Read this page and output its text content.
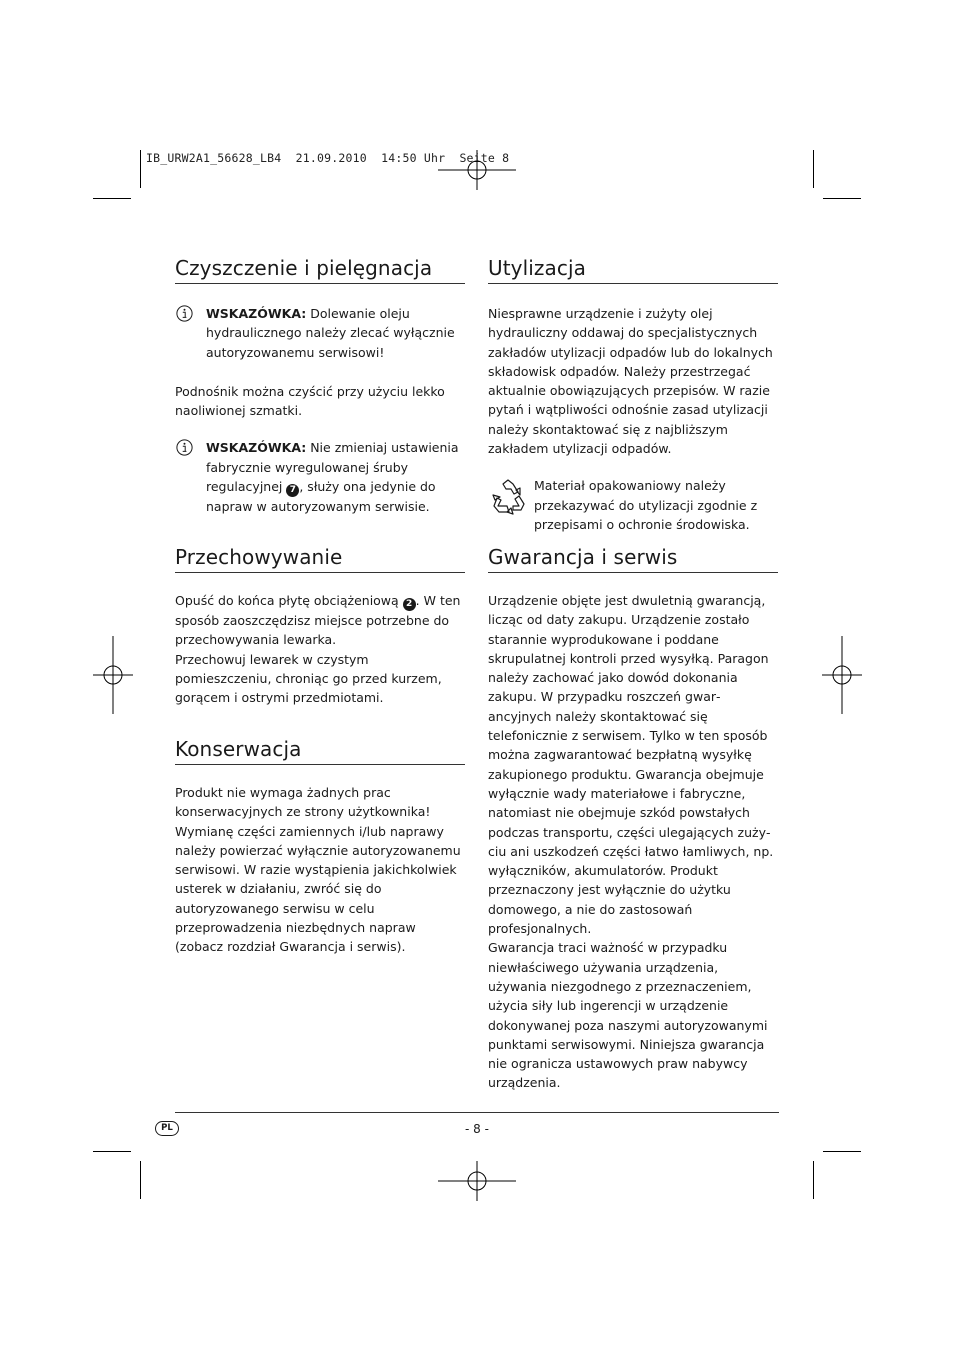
IB_URW2A1_56628_LB4  21.09.2010  14:50 Uhr  Seite 8
Czyszczenie i pielęgnacja

WSKAZÓWKA: Dolewanie oleju hydraulicznego należy zlecać wyłącznie autoryzowanemu serwisowi!

Podnośnik można czyścić przy użyciu lekko naoliwionej szmatki.

WSKAZÓWKA: Nie zmieniaj ustawienia fabrycznie wyregulowanej śruby regulacyjnej 7 , służy ona jedynie do napraw w autoryzowanym serwisie.

Przechowywanie

Opuść do końca płytę obciążeniową 2 . W ten sposób zaoszczędzisz miejsce potrzebne do przechowywania lewarka.

Przechowuj lewarek w czystym pomieszczeniu, chroniąc go przed kurzem, gorącem i ostrymi przedmiotami.

Konserwacja

Produkt nie wymaga żadnych prac konserwacyjnych ze strony użytkownika!

Wymianę części zamiennych i/lub naprawy należy powierzać wyłącznie autoryzowanemu serwisowi. W razie wystąpienia jakichkolwiek usterek w działaniu, zwróć się do autoryzowanego serwisu w celu przeprowadzenia niezbędnych napraw (zobacz rozdział Gwarancja i serwis).

Utylizacja

Niesprawne urządzenie i zużyty olej hydrauliczny oddawaj do specjalistycznych zakładów utylizacji odpadów lub do lokalnych składowisk odpadów. Należy przestrzegać aktualnie obowiązujących przepisów. W razie pytań i wątpliwości odnośnie zasad utylizacji należy skontaktować się z najbliższym zakładem utylizacji odpadów.

Materiał opakowaniowy należy przekazywać do utylizacji zgodnie z przepisami o ochronie środowiska.

Gwarancja i serwis

Urządzenie objęte jest dwuletnią gwarancją, licząc od daty zakupu. Urządzenie zostało starannie wyprodukowane i poddane skrupulatnej kontroli przed wysyłką. Paragon należy zachować jako dowód dokonania zakupu. W przypadku roszczeń gwarancyjnych należy skontaktować się telefonicznie z serwisem. Tylko w ten sposób można zagwarantować bezpłatną wysyłkę zakupionego produktu. Gwarancja obejmuje wyłącznie wady materiałowe i fabryczne, natomiast nie obejmuje szkód powstałych podczas transportu, części ulegających zużyciu ani uszkodzeń części łatwo łamliwych, np. wyłączników, akumulatorów. Produkt przeznaczony jest wyłącznie do użytku domowego, a nie do zastosowań profesjonalnych.

Gwarancja traci ważność w przypadku niewłaściwego używania urządzenia, używania niezgodnego z przeznaczeniem, użycia siły lub ingerencji w urządzenie dokonywanej poza naszymi autoryzowanymi punktami serwisowymi. Niniejsza gwarancja nie ogranicza ustawowych praw nabywcy urządzenia.

PL	- 8 -
